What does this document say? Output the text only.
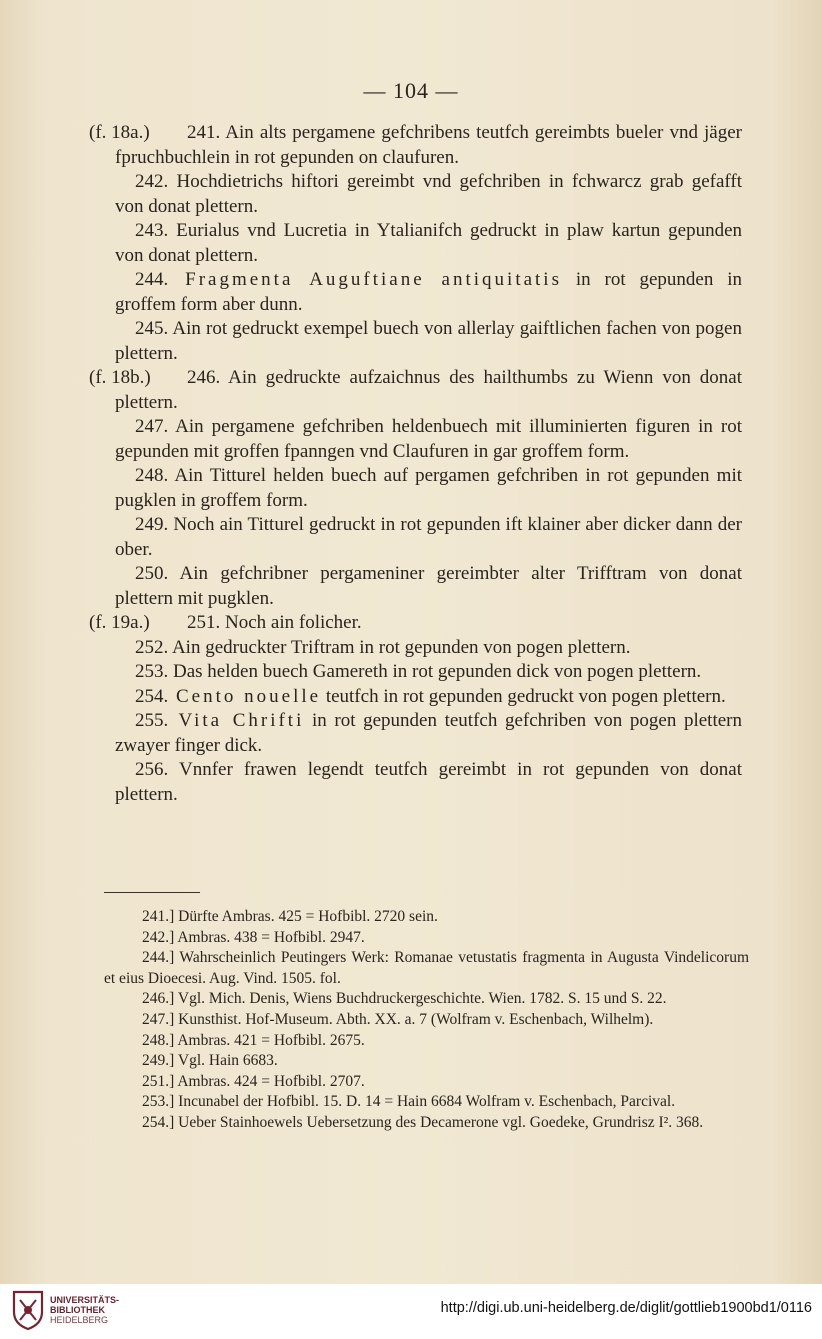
— 104 —

(f. 18a.) 241. Ain alts pergamene gefchribens teutfch gereimbts bueler vnd jäger fpruchbuchlein in rot gepunden on claufuren.

242. Hochdietrichs hiftori gereimbt vnd gefchriben in fchwarcz grab gefafft von donat plettern.

243. Eurialus vnd Lucretia in Ytalianifch gedruckt in plaw kartun gepunden von donat plettern.

244. Fragmenta Auguftiane antiquitatis in rot gepunden in groffem form aber dunn.

245. Ain rot gedruckt exempel buech von allerlay gaiftlichen fachen von pogen plettern.

(f. 18b.) 246. Ain gedruckte aufzaichnus des hailthumbs zu Wienn von donat plettern.

247. Ain pergamene gefchriben heldenbuech mit illuminierten figuren in rot gepunden mit groffen fpanngen vnd Claufuren in gar groffem form.

248. Ain Titturel helden buech auf pergamen gefchriben in rot gepunden mit pugklen in groffem form.

249. Noch ain Titturel gedruckt in rot gepunden ift klainer aber dicker dann der ober.

250. Ain gefchribner pergameniner gereimbter alter Trifftram von donat plettern mit pugklen.

(f. 19a.) 251. Noch ain folicher.

252. Ain gedruckter Triftram in rot gepunden von pogen plettern.

253. Das helden buech Gamereth in rot gepunden dick von pogen plettern.

254. Cento nouelle teutfch in rot gepunden gedruckt von pogen plettern.

255. Vita Chrifti in rot gepunden teutfch gefchriben von pogen plettern zwayer finger dick.

256. Vnnfer frawen legendt teutfch gereimbt in rot gepunden von donat plettern.

241.] Dürfte Ambras. 425 = Hofbibl. 2720 sein.

242.] Ambras. 438 = Hofbibl. 2947.

244.] Wahrscheinlich Peutingers Werk: Romanae vetustatis fragmenta in Augusta Vindelicorum et eius Dioecesi. Aug. Vind. 1505. fol.

246.] Vgl. Mich. Denis, Wiens Buchdruckergeschichte. Wien. 1782. S. 15 und S. 22.

247.] Kunsthist. Hof-Museum. Abth. XX. a. 7 (Wolfram v. Eschenbach, Wilhelm).

248.] Ambras. 421 = Hofbibl. 2675.

249.] Vgl. Hain 6683.

251.] Ambras. 424 = Hofbibl. 2707.

253.] Incunabel der Hofbibl. 15. D. 14 = Hain 6684 Wolfram v. Eschenbach, Parcival.

254.] Ueber Stainhoewels Uebersetzung des Decamerone vgl. Goedeke, Grundrisz I². 368.

UNIVERSITÄTS-
BIBLIOTHEK
HEIDELBERG
http://digi.ub.uni-heidelberg.de/diglit/gottlieb1900bd1/0116
